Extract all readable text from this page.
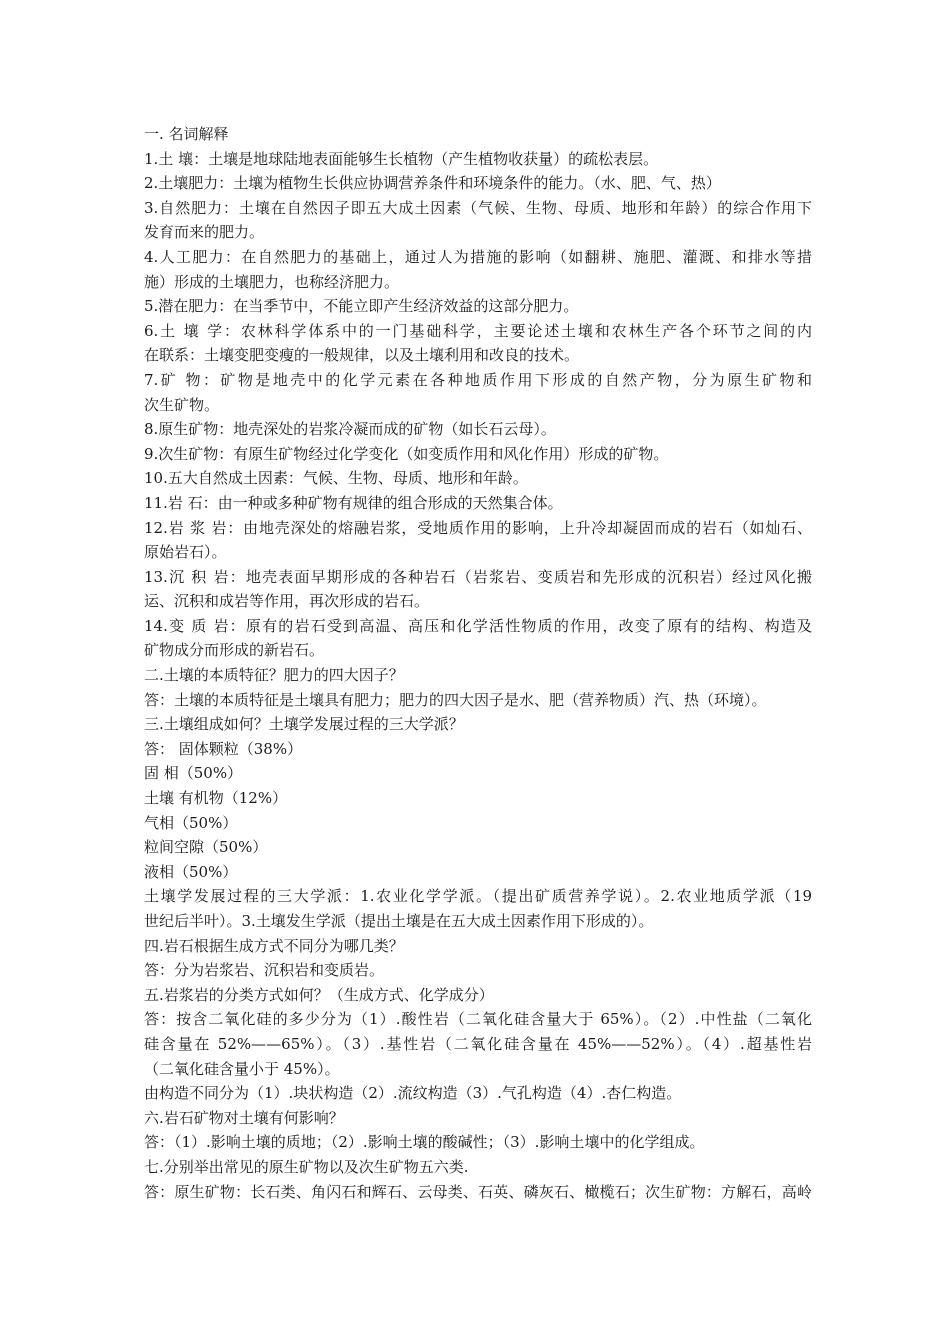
一. 名词解释
1.土 壤：土壤是地球陆地表面能够生长植物（产生植物收获量）的疏松表层。
2.土壤肥力：土壤为植物生长供应协调营养条件和环境条件的能力。（水、肥、气、热）
3.自然肥力：土壤在自然因子即五大成土因素（气候、生物、母质、地形和年龄）的综合作用下
发育而来的肥力。
4.人工肥力：在自然肥力的基础上，通过人为措施的影响（如翻耕、施肥、灌溉、和排水等措
施）形成的土壤肥力，也称经济肥力。
5.潜在肥力：在当季节中，不能立即产生经济效益的这部分肥力。
6.土 壤 学：农林科学体系中的一门基础科学，主要论述土壤和农林生产各个环节之间的内
在联系：土壤变肥变瘦的一般规律，以及土壤利用和改良的技术。
7.矿 物：矿物是地壳中的化学元素在各种地质作用下形成的自然产物，分为原生矿物和
次生矿物。
8.原生矿物：地壳深处的岩浆冷凝而成的矿物（如长石云母）。
9.次生矿物：有原生矿物经过化学变化（如变质作用和风化作用）形成的矿物。
10.五大自然成土因素：气候、生物、母质、地形和年龄。
11.岩 石：由一种或多种矿物有规律的组合形成的天然集合体。
12.岩 浆 岩：由地壳深处的熔融岩浆，受地质作用的影响，上升冷却凝固而成的岩石（如灿石、
原始岩石）。
13.沉 积 岩：地壳表面早期形成的各种岩石（岩浆岩、变质岩和先形成的沉积岩）经过风化搬
运、沉积和成岩等作用，再次形成的岩石。
14.变 质 岩：原有的岩石受到高温、高压和化学活性物质的作用，改变了原有的结构、构造及
矿物成分而形成的新岩石。
二.土壤的本质特征？肥力的四大因子？
答：土壤的本质特征是土壤具有肥力；肥力的四大因子是水、肥（营养物质）汽、热（环境）。
三.土壤组成如何？土壤学发展过程的三大学派？
答： 固体颗粒（38%）
固 相（50%）
土壤 有机物（12%）
气相（50%）
粒间空隙（50%）
液相（50%）
土壤学发展过程的三大学派：1.农业化学学派。（提出矿质营养学说）。2.农业地质学派（19
世纪后半叶）。3.土壤发生学派（提出土壤是在五大成土因素作用下形成的）。
四.岩石根据生成方式不同分为哪几类？
答：分为岩浆岩、沉积岩和变质岩。
五.岩浆岩的分类方式如何？（生成方式、化学成分）
答：按含二氧化硅的多少分为（1）.酸性岩（二氧化硅含量大于 65%）。（2）.中性盐（二氧化
硅含量在 52%——65%）。（3）.基性岩（二氧化硅含量在 45%——52%）。（4）.超基性岩
（二氧化硅含量小于 45%）。
由构造不同分为（1）.块状构造（2）.流纹构造（3）.气孔构造（4）.杏仁构造。
六.岩石矿物对土壤有何影响？
答：（1）.影响土壤的质地；（2）.影响土壤的酸碱性；（3）.影响土壤中的化学组成。
七.分别举出常见的原生矿物以及次生矿物五六类.
答：原生矿物：长石类、角闪石和辉石、云母类、石英、磷灰石、橄榄石；次生矿物：方解石，高岭
